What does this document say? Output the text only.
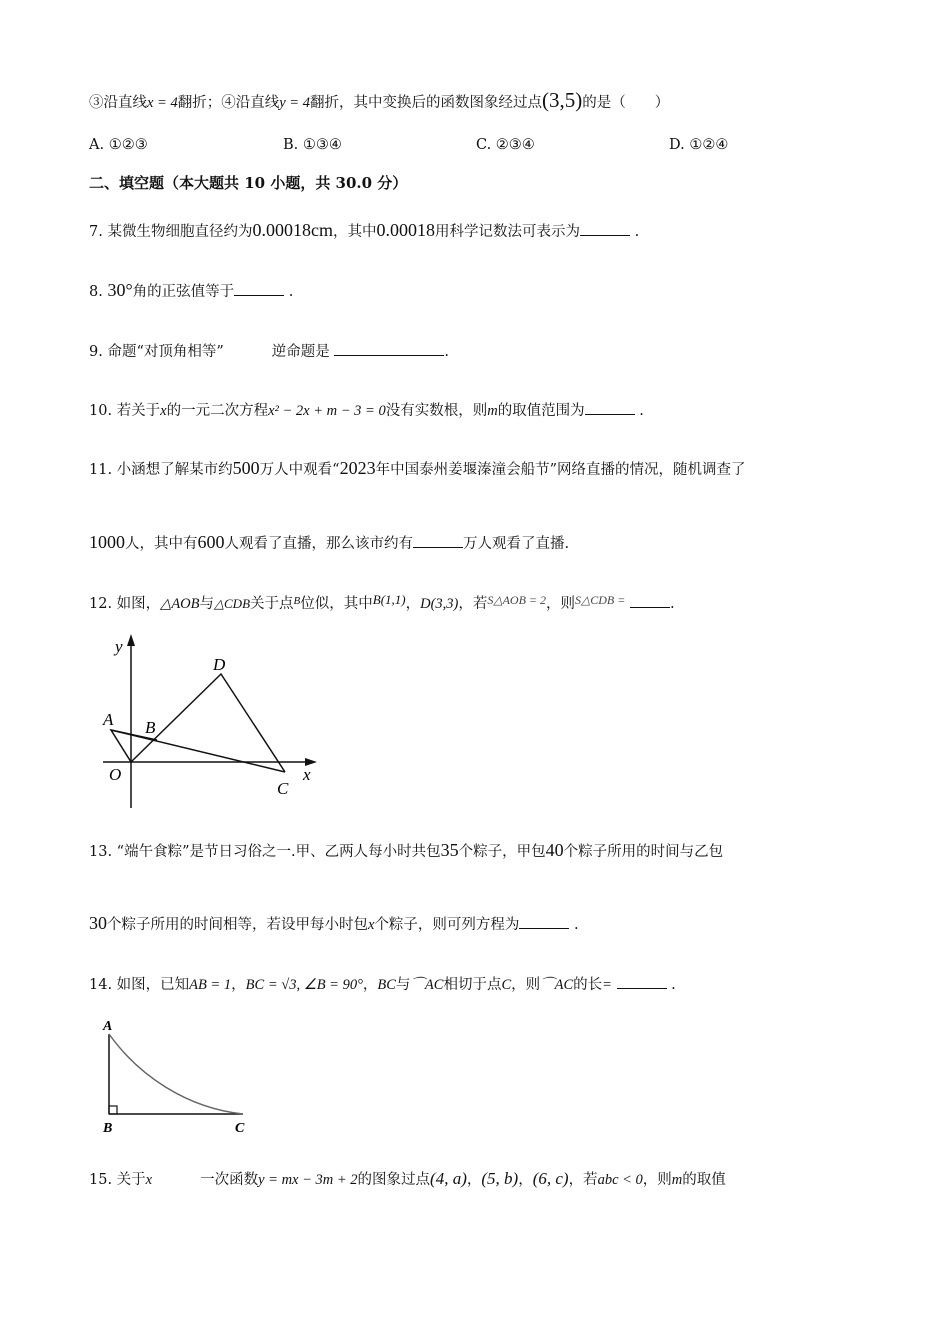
③沿直线x = 4翻折；④沿直线y = 4翻折，其中变换后的函数图象经过点(3,5)的是（　　）
A. ①②③	B. ①③④	C. ②③④	D. ①②④
二、填空题（本大题共 10 小题，共 30.0 分）
7. 某微生物细胞直径约为0.00018cm，其中0.00018用科学记数法可表示为	.
8. 30°角的正弦值等于	.
9. 命题“对顶角相等”	逆命题是	.
10. 若关于x的一元二次方程x² − 2x + m − 3 = 0没有实数根，则m的取值范围为	.
11. 小涵想了解某市约500万人中观看“2023年中国泰州姜堰溱潼会船节”网络直播的情况，随机调查了
1000人，其中有600人观看了直播，那么该市约有	万人观看了直播.
12. 如图，△AOB与△CDB关于点$^B$位似，其中B(1,1)，D(3,3)，若$^{S\triangle AOB = 2}$，则$^{S\triangle CDB =}$	.
y
D
A B
O
C
x
13. “端午食粽”是节日习俗之一.甲、乙两人每小时共包35个粽子，甲包40个粽子所用的时间与乙包
30个粽子所用的时间相等，若设甲每小时包x个粽子，则可列方程为	.
14. 如图，已知AB = 1，BC = √3, ∠B = 90°，BC与⌒AC相切于点C，则⌒AC的长=	.
A
B	C
15. 关于x	一次函数y = mx − 3m + 2的图象过点(4, a)，(5, b)，(6, c)，若abc < 0，则m的取值
